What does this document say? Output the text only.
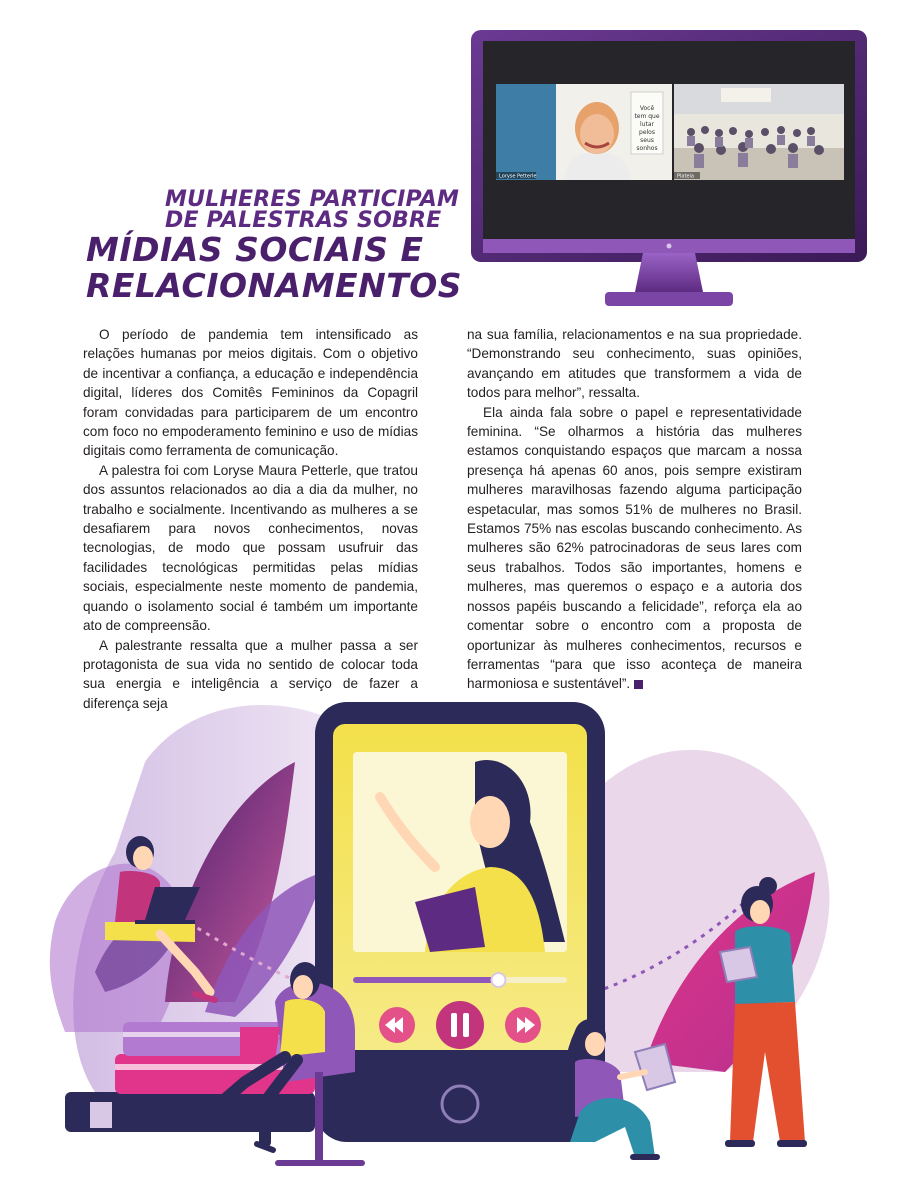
Você
tem que
lutar
pelos
seus
sonhos
Loryse Petterle	Plateia
MULHERES PARTICIPAM
DE PALESTRAS SOBRE
MÍDIAS SOCIAIS E
RELACIONAMENTOS

O período de pandemia tem intensificado as relações humanas por meios digitais. Com o objetivo de incentivar a confiança, a educação e independência digital, líderes dos Comitês Femininos da Copagril foram convidadas para participarem de um encontro com foco no empoderamento feminino e uso de mídias digitais como ferramenta de comunicação.

A palestra foi com Loryse Maura Petterle, que tratou dos assuntos relacionados ao dia a dia da mulher, no trabalho e socialmente. Incentivando as mulheres a se desafiarem para novos conhecimentos, novas tecnologias, de modo que possam usufruir das facilidades tecnológicas permitidas pelas mídias sociais, especialmente neste momento de pandemia, quando o isolamento social é também um importante ato de compreensão.

A palestrante ressalta que a mulher passa a ser protagonista de sua vida no sentido de colocar toda sua energia e inteligência a serviço de fazer a diferença seja

na sua família, relacionamentos e na sua propriedade. “Demonstrando seu conhecimento, suas opiniões, avançando em atitudes que transformem a vida de todos para melhor”, ressalta.

Ela ainda fala sobre o papel e representatividade feminina. “Se olharmos a história das mulheres estamos conquistando espaços que marcam a nossa presença há apenas 60 anos, pois sempre existiram mulheres maravilhosas fazendo alguma participação espetacular, mas somos 51% de mulheres no Brasil. Estamos 75% nas escolas buscando conhecimento. As mulheres são 62% patrocinadoras de seus lares com seus trabalhos. Todos são importantes, homens e mulheres, mas queremos o espaço e a autoria dos nossos papéis buscando a felicidade”, reforça ela ao comentar sobre o encontro com a proposta de oportunizar às mulheres conhecimentos, recursos e ferramentas “para que isso aconteça de maneira harmoniosa e sustentável”.
